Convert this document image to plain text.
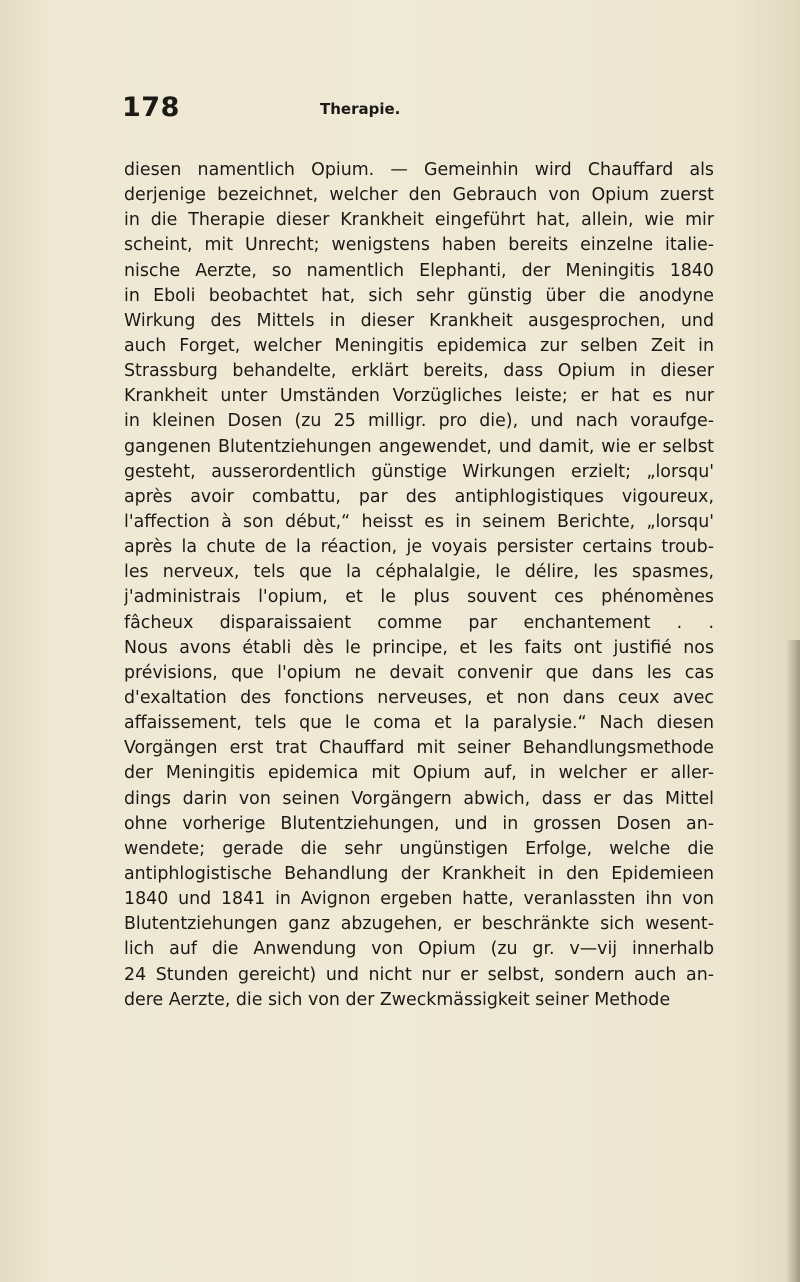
178	Therapie.
diesen namentlich Opium. — Gemeinhin wird Chauffard als
derjenige bezeichnet, welcher den Gebrauch von Opium zuerst
in die Therapie dieser Krankheit eingeführt hat, allein, wie mir
scheint, mit Unrecht; wenigstens haben bereits einzelne italie-
nische Aerzte, so namentlich Elephanti, der Meningitis 1840
in Eboli beobachtet hat, sich sehr günstig über die anodyne
Wirkung des Mittels in dieser Krankheit ausgesprochen, und
auch Forget, welcher Meningitis epidemica zur selben Zeit in
Strassburg behandelte, erklärt bereits, dass Opium in dieser
Krankheit unter Umständen Vorzügliches leiste; er hat es nur
in kleinen Dosen (zu 25 milligr. pro die), und nach voraufge-
gangenen Blutentziehungen angewendet, und damit, wie er selbst
gesteht, ausserordentlich günstige Wirkungen erzielt; „lorsqu'
après avoir combattu, par des antiphlogistiques vigoureux,
l'affection à son début,“ heisst es in seinem Berichte, „lorsqu'
après la chute de la réaction, je voyais persister certains troub-
les nerveux, tels que la céphalalgie, le délire, les spasmes,
j'administrais l'opium, et le plus souvent ces phénomènes
fâcheux disparaissaient comme par enchantement . .
Nous avons établi dès le principe, et les faits ont justifié nos
prévisions, que l'opium ne devait convenir que dans les cas
d'exaltation des fonctions nerveuses, et non dans ceux avec
affaissement, tels que le coma et la paralysie.“ Nach diesen
Vorgängen erst trat Chauffard mit seiner Behandlungsmethode
der Meningitis epidemica mit Opium auf, in welcher er aller-
dings darin von seinen Vorgängern abwich, dass er das Mittel
ohne vorherige Blutentziehungen, und in grossen Dosen an-
wendete; gerade die sehr ungünstigen Erfolge, welche die
antiphlogistische Behandlung der Krankheit in den Epidemieen
1840 und 1841 in Avignon ergeben hatte, veranlassten ihn von
Blutentziehungen ganz abzugehen, er beschränkte sich wesent-
lich auf die Anwendung von Opium (zu gr. v—vij innerhalb
24 Stunden gereicht) und nicht nur er selbst, sondern auch an-
dere Aerzte, die sich von der Zweckmässigkeit seiner Methode
